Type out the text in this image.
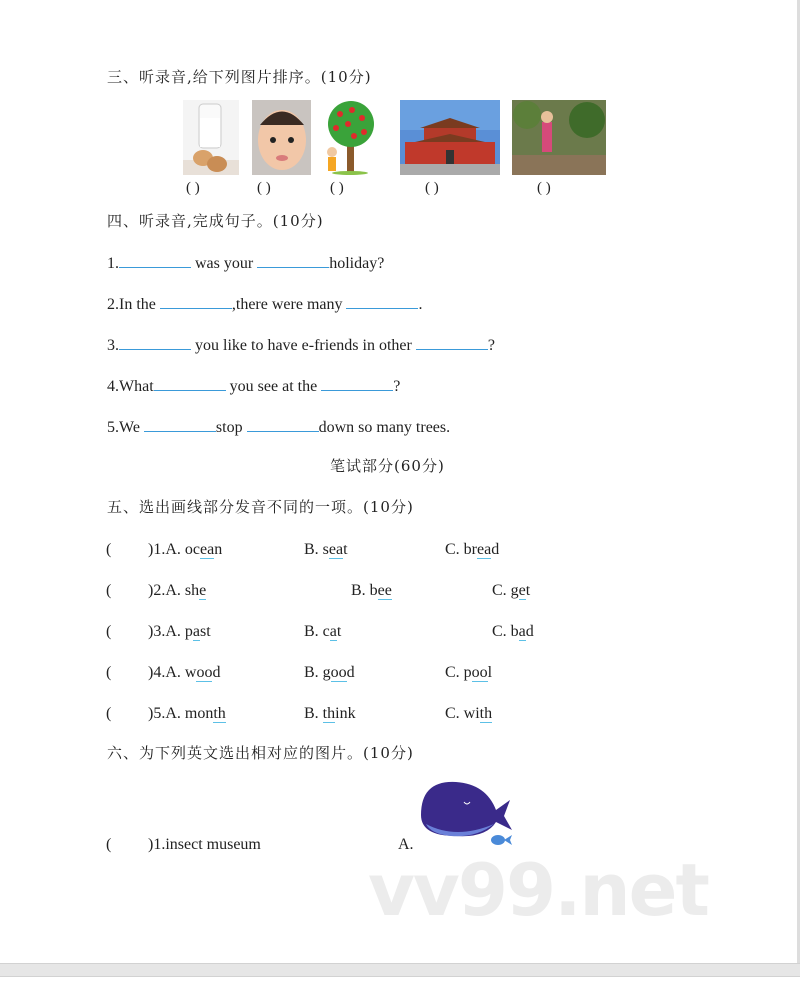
三、听录音,给下列图片排序。(10分)
( )	( )	( )	( )	( )
四、听录音,完成句子。(10分)
1.	was your	holiday?
2.In the	,there were many	.
3.	you like to have e-friends in other	?
4.What	you see at the	?
5.We	stop	down so many trees.
笔试部分(60分)
五、选出画线部分发音不同的一项。(10分)
( )1.A. ocean	B. seat	C. bread
( )2.A. she	B. bee	C. get
( )3.A. past	B. cat	C. bad
( )4.A. wood	B. good	C. pool
( )5.A. month	B. think	C. with
六、为下列英文选出相对应的图片。(10分)
( )1.insect museum	A.
vv99.net
